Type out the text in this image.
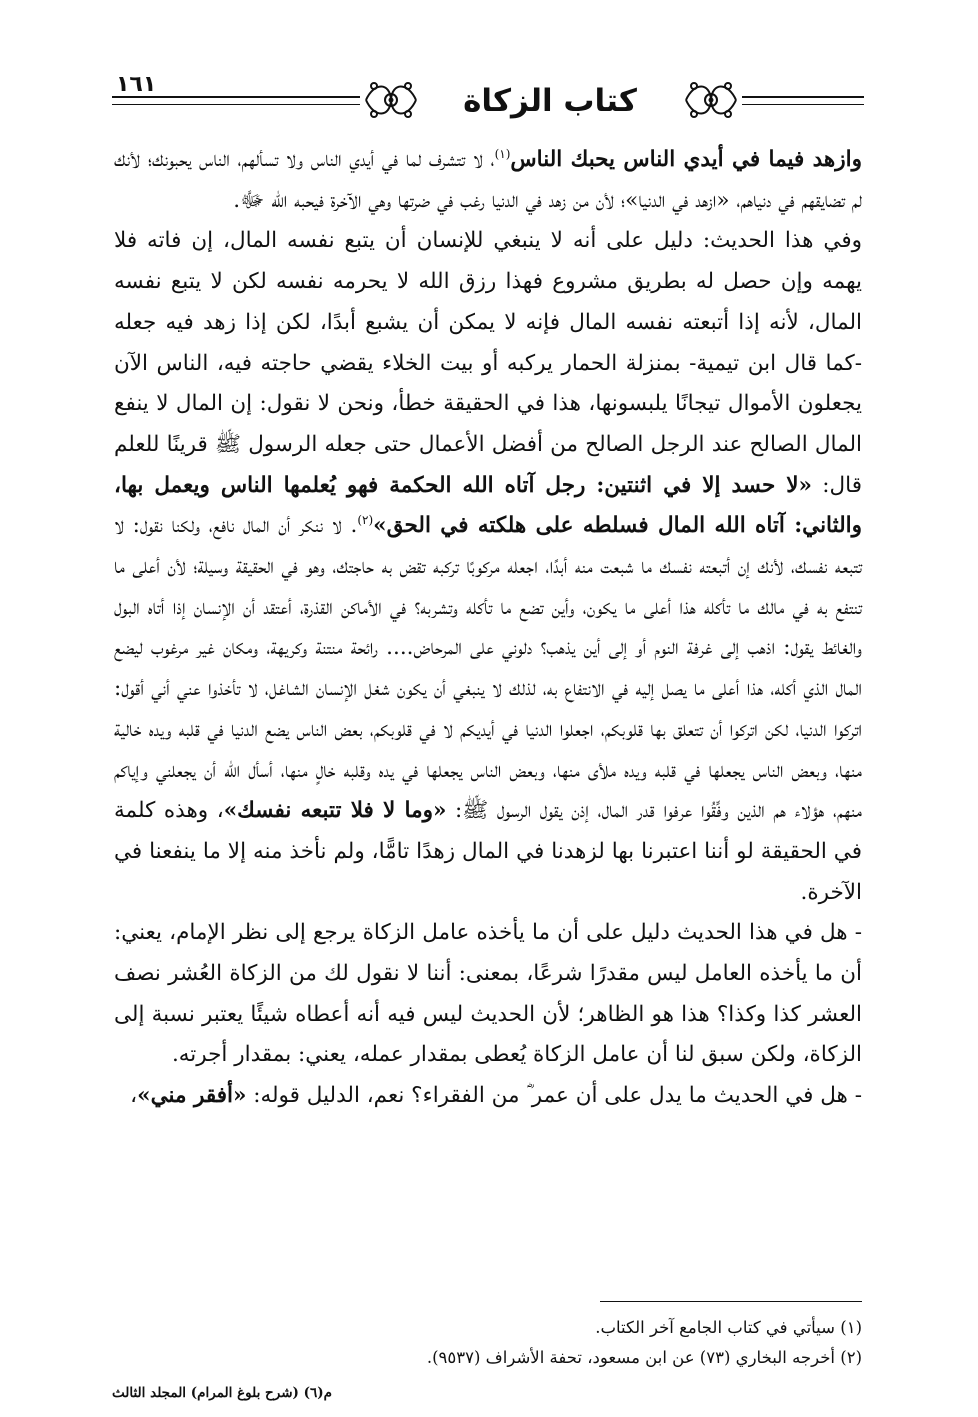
١٦١	كتاب الزكاة

وازهد فيما في أيدي الناس يحبك الناس$^{(١)}$، لا تتشرف لما في أيدي الناس ولا تسألهم، الناس يحبونك؛ لأنك لم تضايقهم في دنياهم، «ازهد في الدنيا»؛ لأن من زهد في الدنيا رغب في ضرتها وهي الآخرة فيحبه الله ﷻ.

وفي هذا الحديث: دليل على أنه لا ينبغي للإنسان أن يتبع نفسه المال، إن فاته فلا يهمه وإن حصل له بطريق مشروع فهذا رزق الله لا يحرمه نفسه لكن لا يتبع نفسه المال، لأنه إذا أتبعته نفسه المال فإنه لا يمكن أن يشبع أبدًا، لكن إذا زهد فيه جعله -كما قال ابن تيمية- بمنزلة الحمار يركبه أو بيت الخلاء يقضي حاجته فيه، الناس الآن يجعلون الأموال تيجانًا يلبسونها، هذا في الحقيقة خطأ، ونحن لا نقول: إن المال لا ينفع المال الصالح عند الرجل الصالح من أفضل الأعمال حتى جعله الرسول ﷺ قرينًا للعلم قال: «لا حسد إلا في اثنتين: رجل آتاه الله الحكمة فهو يُعلمها الناس ويعمل بها، والثاني: آتاه الله المال فسلطه على هلكته في الحق»$^{(٢)}$. لا ننكر أن المال نافع، ولكنا نقول: لا تتبعه نفسك، لأنك إن أتبعته نفسك ما شبعت منه أبدًا، اجعله مركوبًا تركبه تقض به حاجتك، وهو في الحقيقة وسيلة؛ لأن أعلى ما تنتفع به في مالك ما تأكله هذا أعلى ما يكون، وأين تضع ما تأكله وتشربه؟ في الأماكن القذرة، أعتقد أن الإنسان إذا أتاه البول والغائط يقول: اذهب إلى غرفة النوم أو إلى أين يذهب؟ دلوني على المرحاض.... رائحة منتنة وكريهة، ومكان غير مرغوب ليضع المال الذي أكله، هذا أعلى ما يصل إليه في الانتفاع به، لذلك لا ينبغي أن يكون شغل الإنسان الشاغل، لا تأخذوا عني أني أقول: اتركوا الدنيا، لكن اتركوا أن تتعلق بها قلوبكم، اجعلوا الدنيا في أيديكم لا في قلوبكم، بعض الناس يضع الدنيا في قلبه ويده خالية منها، وبعض الناس يجعلها في قلبه ويده ملأى منها، وبعض الناس يجعلها في يده وقلبه خالٍ منها، أسأل الله أن يجعلني وإياكم منهم، هؤلاء هم الذين وفِّقُوا عرفوا قدر المال، إذن يقول الرسول ﷺ: «وما لا فلا تتبعه نفسك»، وهذه كلمة في الحقيقة لو أننا اعتبرنا بها لزهدنا في المال زهدًا تامًّا، ولم نأخذ منه إلا ما ينفعنا في الآخرة.

- هل في هذا الحديث دليل على أن ما يأخذه عامل الزكاة يرجع إلى نظر الإمام، يعني: أن ما يأخذه العامل ليس مقدرًا شرعًا، بمعنى: أننا لا نقول لك من الزكاة العُشر نصف العشر كذا وكذا؟ هذا هو الظاهر؛ لأن الحديث ليس فيه أنه أعطاه شيئًا يعتبر نسبة إلى الزكاة، ولكن سبق لنا أن عامل الزكاة يُعطى بمقدار عمله، يعني: بمقدار أجرته.

- هل في الحديث ما يدل على أن عمر ؓ من الفقراء؟ نعم، الدليل قوله: «أفقر مني»،

(١) سيأتي في كتاب الجامع آخر الكتاب.

(٢) أخرجه البخاري (٧٣) عن ابن مسعود، تحفة الأشراف (٩٥٣٧).

م(٦) (شرح بلوغ المرام) المجلد الثالث
